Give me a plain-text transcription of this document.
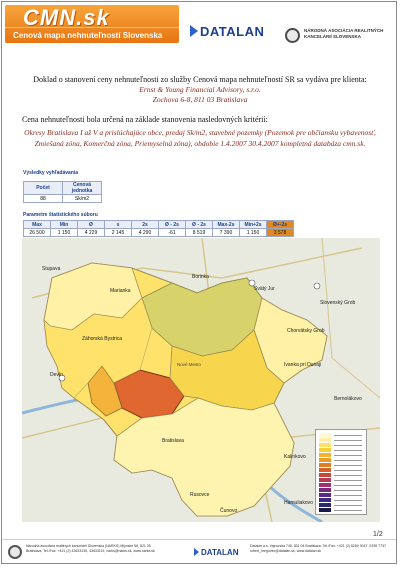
CMN.sk
Cenová mapa nehnuteľností Slovenska	DATALAN	NÁRODNÁ ASOCIÁCIA REALITNÝCH KANCELÁRIÍ SLOVENSKA
Doklad o stanovení ceny nehnuteľnosti zo služby Cenová mapa nehnuteľností SR sa vydáva pre klienta:
Ernst & Young Financial Advisory, s.r.o.
Zochova 6-8, 811 03 Bratislava
Cena nehnuteľnosti bola určená na základe stanovenia nasledovných kritérií:
Okresy Bratislava I až V a prislúchajúce obce, predaj Sk/m2, stavebné pozemky (Pozemok pre občiansku vybavenosť, Zmiešaná zóna, Komerčná zóna, Priemyselná zóna), obdobie 1.4.2007 30.4.2007 kompletná databáza cmn.sk.
Výsledky vyhľadávania
Počet	Cenová jednotka
88	Sk/m2
Parametre štatistického súboru
Max	Min	Ø	s	2s	Ø - 2s	Ø - 2s	Max-2s	Min+2s	Ø+-2s
26 500	1 150	4 229	2 145	4 290	-61	8 519	7 390	1 150	3 578
Borinka
Stupava
Marianka
Záhorská Bystrica
Svätý Jur
Slovenský Grob
Chorvátsky Grob
Bernolákovo
Ivanka pri Dunaji
Devín
Rusovce
Čunovo
Kalinkovo
Hamuliakovo
Nové Mesto
Bratislava
1/2
Národná asociácia realitných kancelárií Slovenska (NARKS) Mlynské 56, 821 05 Bratislava, Tel./Fax: +421 (2) 43633130, 43633119, narks@narks.sk, www.narks.sk	DATALAN
Datalan a.s. Vajnorská 748, 831 04 Bratislava, Tel./Fax: +421 (2) 5260 3047, 0255 7737 robert_kregovec@datalan.sk, www.datalan.sk
